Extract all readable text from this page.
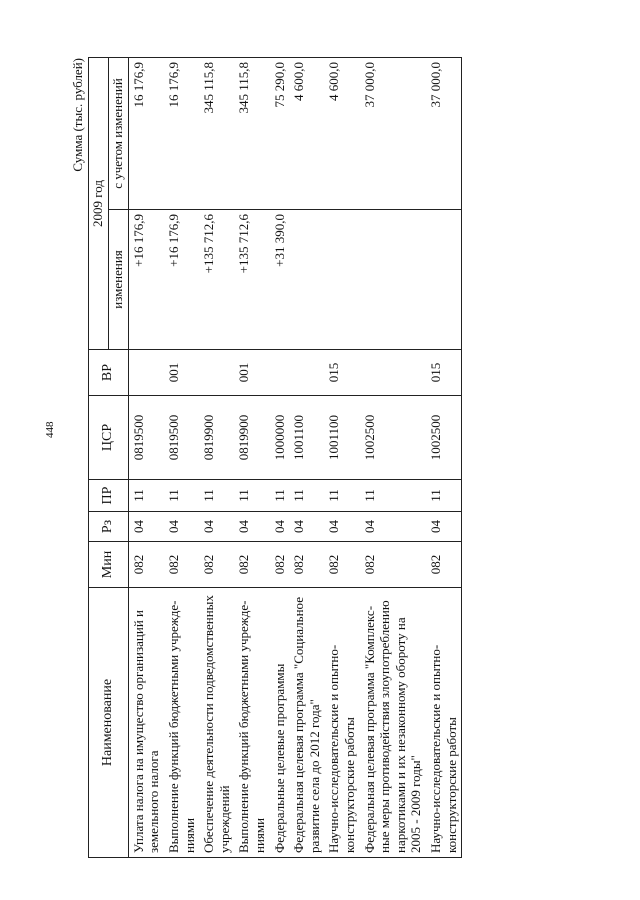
448
Сумма (тыс. рублей)
Наименование	Мин	Рз	ПР	ЦСР	ВР	2009 год	
						изменения	с учетом изменений
Уплата налога на имущество организаций и земельного налога	082	04	11	0819500		+16 176,9	16 176,9
Выполнение функций бюджетными учрежде-ниями	082	04	11	0819500	001	+16 176,9	16 176,9
Обеспечение деятельности подведомственных учреждений	082	04	11	0819900		+135 712,6	345 115,8
Выполнение функций бюджетными учрежде-ниями	082	04	11	0819900	001	+135 712,6	345 115,8
Федеральные целевые программы	082	04	11	1000000		+31 390,0	75 290,0
Федеральная целевая программа "Социальное развитие села до 2012 года"	082	04	11	1001100			4 600,0
Научно-исследовательские и опытно-конструкторские работы	082	04	11	1001100	015		4 600,0
Федеральная целевая программа "Комплекс-ные меры противодействия злоупотреблению наркотиками и их незаконному обороту на 2005 - 2009 годы"	082	04	11	1002500			37 000,0
Научно-исследовательские и опытно-конструкторские работы	082	04	11	1002500	015		37 000,0
